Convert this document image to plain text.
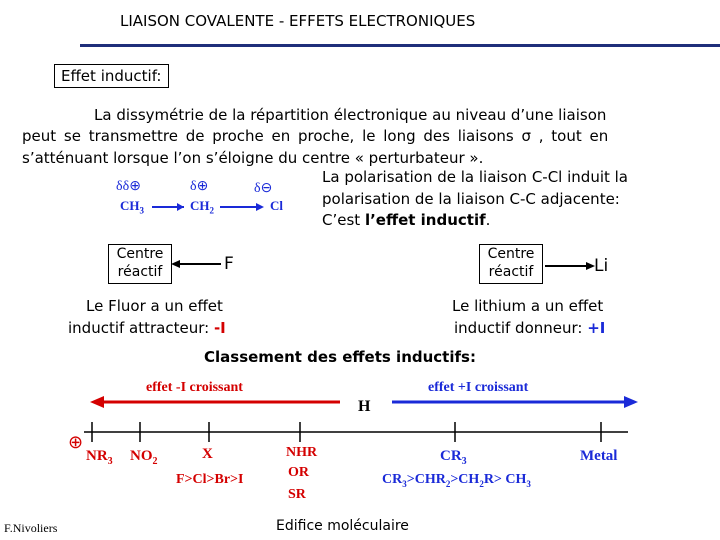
LIAISON COVALENTE - EFFETS ELECTRONIQUES
Effet inductif:
La dissymétrie de la répartition électronique au niveau d’une liaison
peut se transmettre de proche en proche, le long des liaisons σ , tout en
s’atténuant lorsque l’on s’éloigne du centre « perturbateur ».
La polarisation de la liaison C-Cl induit la
polarisation de la liaison C-C adjacente:
C’est l’effet inductif.
δδ⊕	δ⊕	δ⊖
$CH_3$	$CH_2$	Cl
Centre
réactif	F
Le Fluor a un effet
inductif attracteur: -I
Centre
réactif	Li
Le lithium a un effet
inductif donneur: +I
Classement des effets inductifs:
effet -I croissant	effet +I croissant
H
⊕
$NR_3$ $NO_2$	X
F>Cl>Br>I
NHR
OR
SR
$CR_3$	Metal
$CR_3>CHR_2>CH_2R> CH_3$
F.Nivoliers	Edifice moléculaire
